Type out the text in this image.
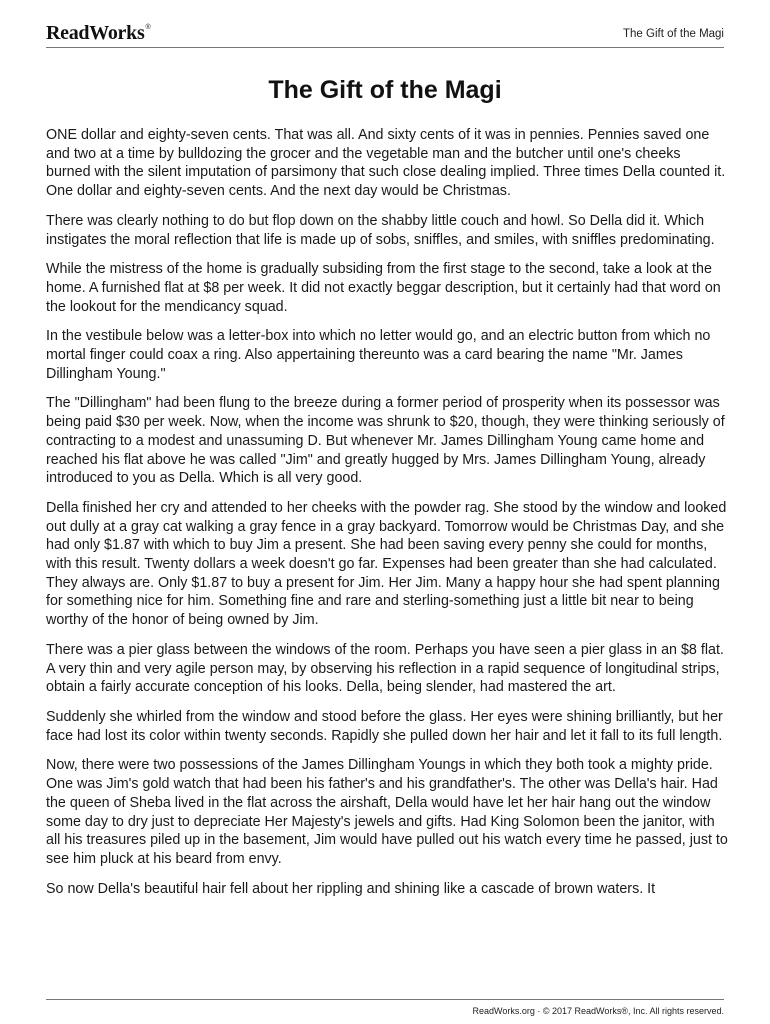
ReadWorks®
The Gift of the Magi
The Gift of the Magi

ONE dollar and eighty-seven cents. That was all. And sixty cents of it was in pennies. Pennies saved one and two at a time by bulldozing the grocer and the vegetable man and the butcher until one's cheeks burned with the silent imputation of parsimony that such close dealing implied. Three times Della counted it. One dollar and eighty-seven cents. And the next day would be Christmas.

There was clearly nothing to do but flop down on the shabby little couch and howl. So Della did it. Which instigates the moral reflection that life is made up of sobs, sniffles, and smiles, with sniffles predominating.

While the mistress of the home is gradually subsiding from the first stage to the second, take a look at the home. A furnished flat at $8 per week. It did not exactly beggar description, but it certainly had that word on the lookout for the mendicancy squad.

In the vestibule below was a letter-box into which no letter would go, and an electric button from which no mortal finger could coax a ring. Also appertaining thereunto was a card bearing the name "Mr. James Dillingham Young."

The "Dillingham" had been flung to the breeze during a former period of prosperity when its possessor was being paid $30 per week. Now, when the income was shrunk to $20, though, they were thinking seriously of contracting to a modest and unassuming D. But whenever Mr. James Dillingham Young came home and reached his flat above he was called "Jim" and greatly hugged by Mrs. James Dillingham Young, already introduced to you as Della. Which is all very good.

Della finished her cry and attended to her cheeks with the powder rag. She stood by the window and looked out dully at a gray cat walking a gray fence in a gray backyard. Tomorrow would be Christmas Day, and she had only $1.87 with which to buy Jim a present. She had been saving every penny she could for months, with this result. Twenty dollars a week doesn't go far. Expenses had been greater than she had calculated. They always are. Only $1.87 to buy a present for Jim. Her Jim. Many a happy hour she had spent planning for something nice for him. Something fine and rare and sterling-something just a little bit near to being worthy of the honor of being owned by Jim.

There was a pier glass between the windows of the room. Perhaps you have seen a pier glass in an $8 flat. A very thin and very agile person may, by observing his reflection in a rapid sequence of longitudinal strips, obtain a fairly accurate conception of his looks. Della, being slender, had mastered the art.

Suddenly she whirled from the window and stood before the glass. Her eyes were shining brilliantly, but her face had lost its color within twenty seconds. Rapidly she pulled down her hair and let it fall to its full length.

Now, there were two possessions of the James Dillingham Youngs in which they both took a mighty pride. One was Jim's gold watch that had been his father's and his grandfather's. The other was Della's hair. Had the queen of Sheba lived in the flat across the airshaft, Della would have let her hair hang out the window some day to dry just to depreciate Her Majesty's jewels and gifts. Had King Solomon been the janitor, with all his treasures piled up in the basement, Jim would have pulled out his watch every time he passed, just to see him pluck at his beard from envy.

So now Della's beautiful hair fell about her rippling and shining like a cascade of brown waters. It

ReadWorks.org · © 2017 ReadWorks®, Inc. All rights reserved.
